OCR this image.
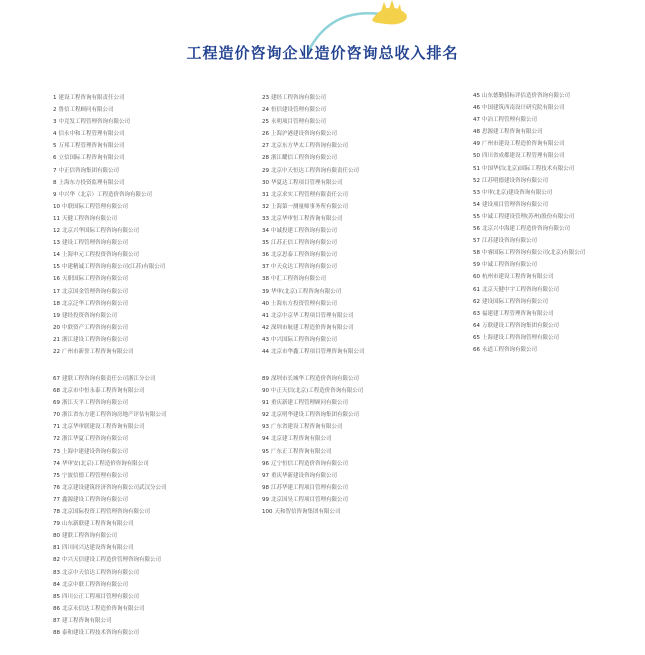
工程造价咨询企业造价咨询总收入排名
1 建设工程咨询有限责任公司
2 鲁信工程顾问有限公司
3 中竞发工程管理咨询有限公司
4 信永中和工程管理有限公司
5 万邦工程管理咨询有限公司
6 立信国际工程咨询有限公司
7 中正信咨询集团有限公司
8 上海东方投资监理有限公司
9 中兴华（北京）工程造价咨询有限公司
10 中联国际工程管理有限公司
11 天健工程咨询有限公司
12 北京兴华国际工程咨询有限公司
13 建设工程管理咨询有限公司
14 上海申元工程投资咨询有限公司
15 中建精诚工程咨询有限公司(江苏)有限公司
16 天职国际工程咨询有限公司
17 北京国金管理咨询有限公司
18 北京泛华工程咨询有限公司
19 建经投资咨询有限公司
20 中联资产工程咨询有限公司
21 浙江建设工程咨询有限公司
22 广州市新誉工程咨询有限公司
23 建经工程咨询有限公司
24 恒信建设管理有限公司
25 永明项目管理有限公司
26 上海沪港建设咨询有限公司
27 北京东方华太工程咨询有限公司
28 浙江耀信工程咨询有限公司
29 北京中天恒达工程咨询有限责任公司
30 华夏达工程项目管理有限公司
31 北京求实工程管理有限责任公司
32 上海第一测量师事务所有限公司
33 北京华审恒工程咨询有限公司
34 中诚投建工程咨询有限公司
35 江苏正信工程咨询有限公司
36 北京思泰工程咨询有限公司
37 中天众达工程咨询有限公司
38 中汇工程咨询有限公司
39 华审(北京)工程咨询有限公司
40 上海东方投资管理有限公司
41 北京中京华工程项目管理有限公司
42 深圳市航建工程造价咨询有限公司
43 中兴国际工程咨询有限公司
44 北京市华鑫工程项目管理咨询有限公司
45 山东德勤招标评估造价咨询有限公司
46 中国建筑西南设计研究院有限公司
47 中冶工程管理有限公司
48 思源建工程咨询有限公司
49 广州市建设工程造价咨询有限公司
50 四川省成都建设工程管理有限公司
51 中国华信(北京)国际工程技术有限公司
52 江苏明德建设咨询有限公司
53 中审(北京)建设咨询有限公司
54 建设项目管理咨询有限公司
55 中诚工程建设管理(苏州)股份有限公司
56 北京兴中海建工程造价咨询有限公司
57 江苏建设咨询有限公司
58 中睿国际工程咨询有限公司(北京)有限公司
59 中诚工程咨询有限公司
60 杭州市建设工程咨询有限公司
61 北京天健中宇工程咨询有限公司
62 建设国际工程咨询有限公司
63 福建建工程管理咨询有限公司
64 万联建设工程咨询集团有限公司
65 上海建设工程咨询管理有限公司
66 永道工程咨询有限公司
67 建联工程咨询有限责任公司浙江分公司
68 北京市中恒永泰工程咨询有限公司
69 浙江天平工程咨询有限公司
70 浙江省东方建工程咨询房地产评估有限公司
71 北京华审联建设工程咨询有限公司
72 浙江华夏工程咨询有限公司
73 上海中建建设咨询有限公司
74 华审安(北京)工程造价咨询有限公司
75 宁波信德工程管理有限公司
76 北京建设建筑经济咨询有限公司武汉分公司
77 鑫源建设工程咨询有限公司
78 北京国际投资工程管理咨询有限公司
79 山东新联建工程咨询有限公司
80 建联工程咨询有限公司
81 四川同兴达建设咨询有限公司
82 中兴天信建设工程造价管理咨询有限公司
83 北京中天信达工程咨询有限公司
84 北京中联工程咨询有限公司
85 四川公正工程项目管理有限公司
86 北京永信达工程造价咨询有限公司
87 建工程咨询有限公司
88 泰和建设工程技术咨询有限公司
89 深圳市长城华工程造价咨询有限公司
90 中正天信(北京)工程造价咨询有限公司
91 重庆新建工程管理顾问有限公司
92 北京明华建设工程咨询集团有限公司
93 广东省建设工程咨询有限公司
94 北京建工程咨询有限公司
95 广东正工程咨询有限公司
96 辽宁恒信工程造价咨询有限公司
97 重庆华新建设咨询有限公司
98 江苏华建工程项目管理有限公司
99 北京国昊工程项目管理有限公司
100 天和智信咨询集团有限公司
